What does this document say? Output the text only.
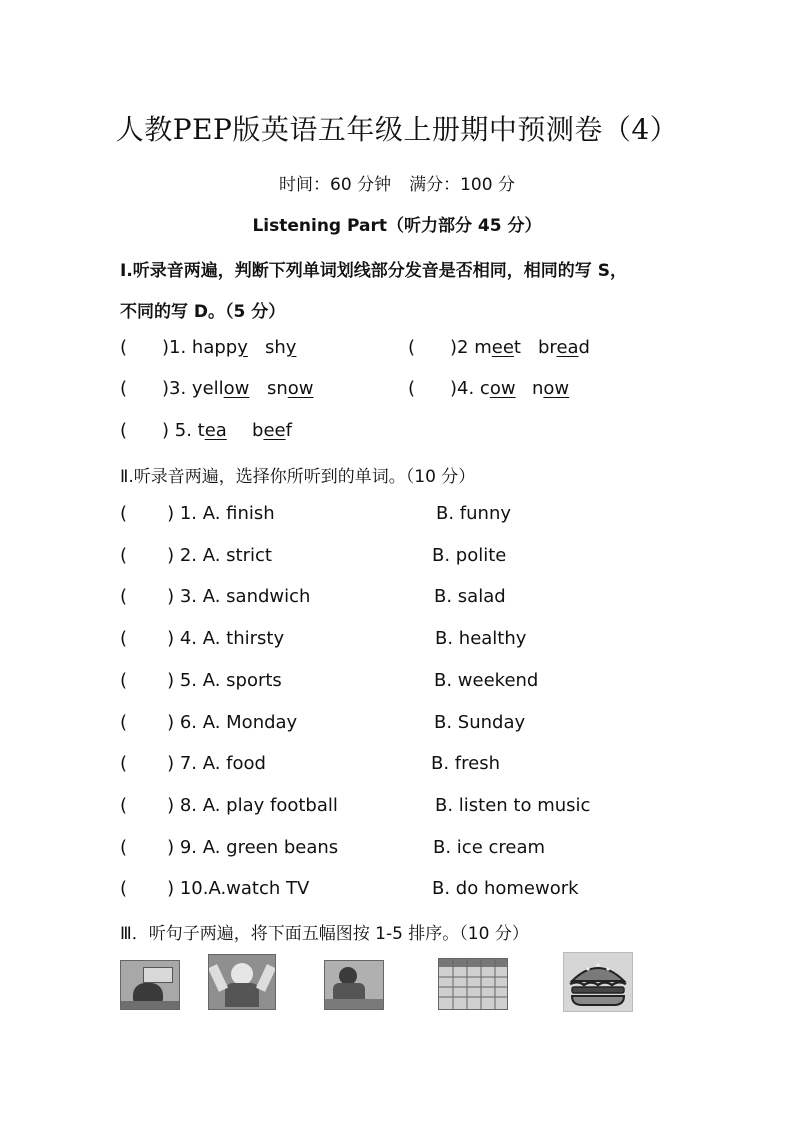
人教PEP版英语五年级上册期中预测卷（4）
时间：60 分钟 满分：100 分
Listening Part（听力部分 45 分）
Ⅰ.听录音两遍，判断下列单词划线部分发音是否相同，相同的写 S，
不同的写 D。（5 分）
( )1. happy shy	( )2 meet bread
( )3. yellow snow	( )4. cow now
( ) 5. tea beef
Ⅱ.听录音两遍，选择你所听到的单词。（10 分）
(       ) 1. A. finish	B. funny
(       ) 2. A. strict	B. polite
(       ) 3. A. sandwich	B. salad
(       ) 4. A. thirsty	B. healthy
(       ) 5. A. sports	B. weekend
(       ) 6. A. Monday	B. Sunday
(       ) 7. A. food	B. fresh
(       ) 8. A. play football	B. listen to music
(       ) 9. A. green beans	B. ice cream
(       ) 10.A.watch TV	B. do homework
Ⅲ．听句子两遍，将下面五幅图按 1-5 排序。（10 分）
